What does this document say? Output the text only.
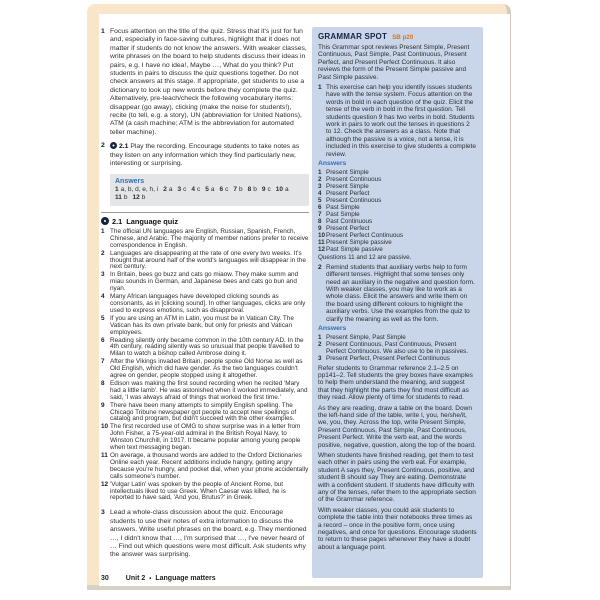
1 Focus attention on the title of the quiz. Stress that it's just for fun and, especially in face-saving cultures, highlight that it does not matter if students do not know the answers. With weaker classes, write phrases on the board to help students discuss their ideas in pairs, e.g. I have no idea!, Maybe …, What do you think? Put students in pairs to discuss the quiz questions together. Do not check answers at this stage. If appropriate, get students to use a dictionary to look up new words before they complete the quiz. Alternatively, pre-teach/check the following vocabulary items: disappear (go away), clicking (make the noise for students!), recite (to tell, e.g. a story), UN (abbreviation for United Nations), ATM (a cash machine; ATM is the abbreviation for automated teller machine).
2	2.1 Play the recording. Encourage students to take notes as they listen on any information which they find particularly new, interesting or surprising.
Answers
1 a, b, d, e, h, i 2 a 3 c 4 c 5 a 6 c 7 b 8 b 9 c 10 a11 b 12 b
2.1 Language quiz
1 The official UN languages are English, Russian, Spanish, French, Chinese, and Arabic. The majority of member nations prefer to receive correspondence in English.
2 Languages are disappearing at the rate of one every two weeks. It's thought that around half of the world's languages will disappear in the next century.
3 In Britain, bees go buzz and cats go miaow. They make summ and miau sounds in German, and Japanese bees and cats go bun and nyan.
4 Many African languages have developed clicking sounds as consonants, as in [clicking sound]. In other languages, clicks are only used to express emotions, such as disapproval.
5 If you are using an ATM in Latin, you must be in Vatican City. The Vatican has its own private bank, but only for priests and Vatican employees.
6 Reading silently only became common in the 10th century AD. In the 4th century, reading silently was so unusual that people travelled to Milan to watch a bishop called Ambrose doing it.
7 After the Vikings invaded Britain, people spoke Old Norse as well as Old English, which did have gender. As the two languages couldn't agree on gender, people stopped using it altogether.
8 Edison was making the first sound recording when he recited 'Mary had a little lamb'. He was astonished when it worked immediately, and said, 'I was always afraid of things that worked the first time.'
9 There have been many attempts to simplify English spelling. The Chicago Tribune newspaper got people to accept new spellings of catalog and program, but didn't succeed with the other examples.
10 The first recorded use of OMG to show surprise was in a letter from John Fisher, a 75-year-old admiral in the British Royal Navy, to Winston Churchill, in 1917. It became popular among young people when text messaging began.
11 On average, a thousand words are added to the Oxford Dictionaries Online each year. Recent additions include hangry, getting angry because you're hungry, and pocket dial, when your phone accidentally calls someone's number.
12 'Vulgar Latin' was spoken by the people of Ancient Rome, but intellectuals liked to use Greek. When Caesar was killed, he is reported to have said, 'And you, Brutus?' in Greek.
3 Lead a whole-class discussion about the quiz. Encourage students to use their notes of extra information to discuss the answers. Write useful phrases on the board, e.g. They mentioned …, I didn't know that …, I'm surprised that …, I've never heard of … Find out which questions were most difficult. Ask students why the answer was surprising.
GRAMMAR SPOT SB p20
This Grammar spot reviews Present Simple, Present Continuous, Past Simple, Past Continuous, Present Perfect, and Present Perfect Continuous. It also reviews the form of the Present Simple passive and Past Simple passive.
1 This exercise can help you identify issues students have with the tense system. Focus attention on the words in bold in each question of the quiz. Elicit the tense of the verb in bold in the first question. Tell students question 9 has two verbs in bold. Students work in pairs to work out the tenses in questions 2 to 12. Check the answers as a class. Note that although the passive is a voice, not a tense, it is included in this exercise to give students a complete review.
Answers
1 Present Simple
2 Present Continuous
3 Present Simple
4 Present Perfect
5 Present Continuous
6 Past Simple
7 Past Simple
8 Past Continuous
9 Present Perfect
10 Present Perfect Continuous
11 Present Simple passive
12 Past Simple passive
Questions 11 and 12 are passive.
2 Remind students that auxiliary verbs help to form different tenses. Highlight that some tenses only need an auxiliary in the negative and question form. With weaker classes, you may like to work as a whole class. Elicit the answers and write them on the board using different colours to highlight the auxiliary verbs. Use the examples from the quiz to clarify the meaning as well as the form.
Answers
1 Present Simple, Past Simple
2 Present Continuous, Past Continuous, Present Perfect Continuous. We also use to be in passives.
3 Present Perfect, Present Perfect Continuous
Refer students to Grammar reference 2.1–2.5 on pp141–2. Tell students the grey boxes have examples to help them understand the meaning, and suggest that they highlight the parts they find most difficult as they read. Allow plenty of time for students to read.
As they are reading, draw a table on the board. Down the left-hand side of the table, write I, you, he/she/it, we, you, they. Across the top, write Present Simple, Present Continuous, Past Simple, Past Continuous, Present Perfect. Write the verb eat, and the words positive, negative, question, along the top of the board.
When students have finished reading, get them to test each other in pairs using the verb eat. For example, student A says they, Present Continuous, positive, and student B should say They are eating. Demonstrate with a confident student. If students have difficulty with any of the tenses, refer them to the appropriate section of the Grammar reference.
With weaker classes, you could ask students to complete the table into their notebooks three times as a record – once in the positive form, once using negatives, and once for questions. Encourage students to return to these pages whenever they have a doubt about a language point.
30 Unit 2 • Language matters
